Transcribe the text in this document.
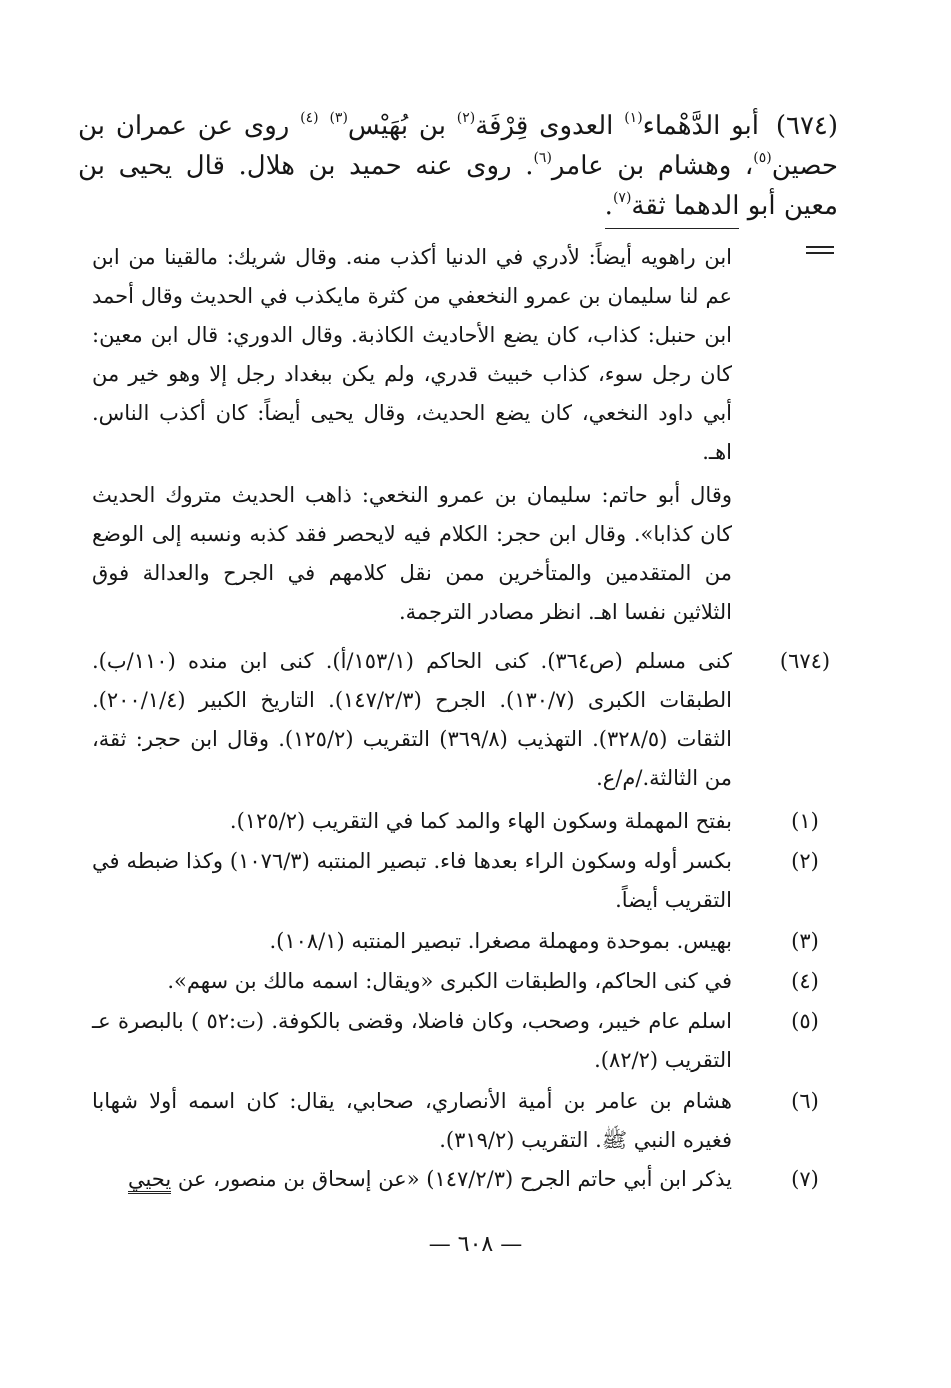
(٦٧٤) أبو الدَّهْماء$^{(١)}$ العدوى قِرْفَة$^{(٢)}$ بن بُهَيْس$^{(٣)}$ $^{(٤)}$ روى عن عمران بن حصين$^{(٥)}$، وهشام بن عامر$^{(٦)}$. روى عنه حميد بن هلال. قال يحيى بن معين أبو الدهما ثقة$^{(٧)}$.

ابن راهويه أيضاً: لأدري في الدنيا أكذب منه. وقال شريك: مالقينا من ابن عم لنا سليمان بن عمرو النخعفي من كثرة مايكذب في الحديث وقال أحمد ابن حنبل: كذاب، كان يضع الأحاديث الكاذبة. وقال الدوري: قال ابن معين: كان رجل سوء، كذاب خبيث قدري، ولم يكن ببغداد رجل إلا وهو خير من أبي داود النخعي، كان يضع الحديث، وقال يحيى أيضاً: كان أكذب الناس. اهـ.

وقال أبو حاتم: سليمان بن عمرو النخعي: ذاهب الحديث متروك الحديث كان كذابا». وقال ابن حجر: الكلام فيه لايحصر فقد كذبه ونسبه إلى الوضع من المتقدمين والمتأخرين ممن نقل كلامهم في الجرح والعدالة فوق الثلاثين نفسا اهـ. انظر مصادر الترجمة.

(٦٧٤)
كنى مسلم (ص٣٦٤). كنى الحاكم (١٥٣/١/أ). كنى ابن منده (١١٠/ب). الطبقات الكبرى (١٣٠/٧). الجرح (١٤٧/٢/٣). التاريخ الكبير (٢٠٠/١/٤). الثقات (٣٢٨/٥). التهذيب (٣٦٩/٨) التقريب (١٢٥/٢). وقال ابن حجر: ثقة، من الثالثة./م/ع.
(١)
بفتح المهملة وسكون الهاء والمد كما في التقريب (١٢٥/٢).
(٢)
بكسر أوله وسكون الراء بعدها فاء. تبصير المنتبه (١٠٧٦/٣) وكذا ضبطه في التقريب أيضاً.
(٣)
بهيس. بموحدة ومهملة مصغرا. تبصير المنتبه (١٠٨/١).
(٤)
في كنى الحاكم، والطبقات الكبرى «ويقال: اسمه مالك بن سهم».
(٥)
اسلم عام خيبر، وصحب، وكان فاضلا، وقضى بالكوفة. (ت:٥٢ ) بالبصرة عـ التقريب (٨٢/٢).
(٦)
هشام بن عامر بن أمية الأنصاري، صحابي، يقال: كان اسمه أولا شهابا فغيره النبي ﷺ. التقريب (٣١٩/٢).
(٧)
يذكر ابن أبي حاتم الجرح (١٤٧/٢/٣) «عن إسحاق بن منصور، عن يحيي
— ٦٠٨ —
